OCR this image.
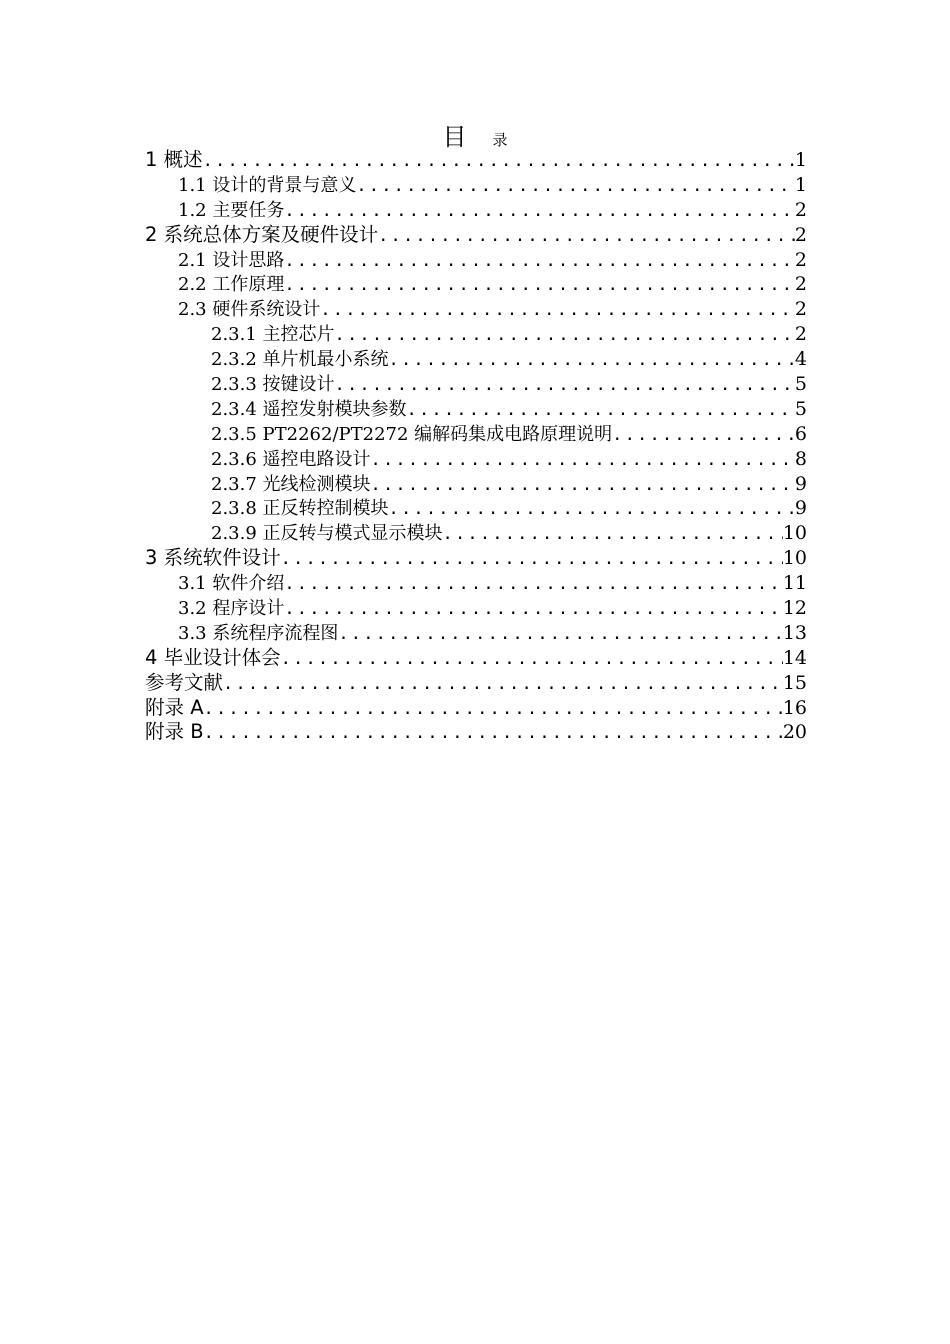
目 录
1 概述 .....	1
1.1 设计的背景与意义 .....	1
1.2 主要任务 .....	2
2 系统总体方案及硬件设计 .....	2
2.1 设计思路 .....	2
2.2 工作原理 .....	2
2.3 硬件系统设计 .....	2
2.3.1 主控芯片 .....	2
2.3.2 单片机最小系统 .....	4
2.3.3 按键设计 .....	5
2.3.4 遥控发射模块参数 .....	5
2.3.5 PT2262/PT2272 编解码集成电路原理说明 .....	6
2.3.6 遥控电路设计 .....	8
2.3.7 光线检测模块 .....	9
2.3.8 正反转控制模块 .....	9
2.3.9 正反转与模式显示模块 .....	10
3 系统软件设计 .....	10
3.1 软件介绍 .....	11
3.2 程序设计 .....	12
3.3 系统程序流程图 .....	13
4 毕业设计体会 .....	14
参考文献 .....	15
附录 A .....	16
附录 B .....	20
